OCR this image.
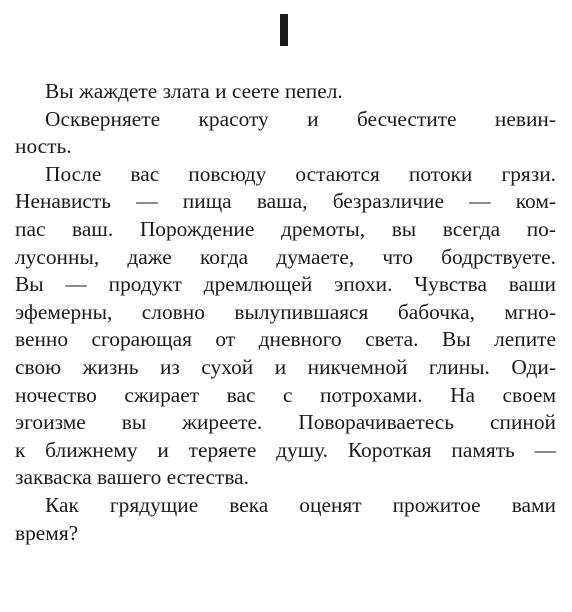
Вы жаждете злата и сеете пепел.
Оскверняете красоту и бесчестите невин-
ность.
После вас повсюду остаются потоки грязи.
Ненависть — пища ваша, безразличие — ком-
пас ваш. Порождение дремоты, вы всегда по-
лусонны, даже когда думаете, что бодрствуете.
Вы — продукт дремлющей эпохи. Чувства ваши
эфемерны, словно вылупившаяся бабочка, мгно-
венно сгорающая от дневного света. Вы лепите
свою жизнь из сухой и никчемной глины. Оди-
ночество сжирает вас с потрохами. На своем
эгоизме вы жиреете. Поворачиваетесь спиной
к ближнему и теряете душу. Короткая память —
закваска вашего естества.
Как грядущие века оценят прожитое вами
время?
